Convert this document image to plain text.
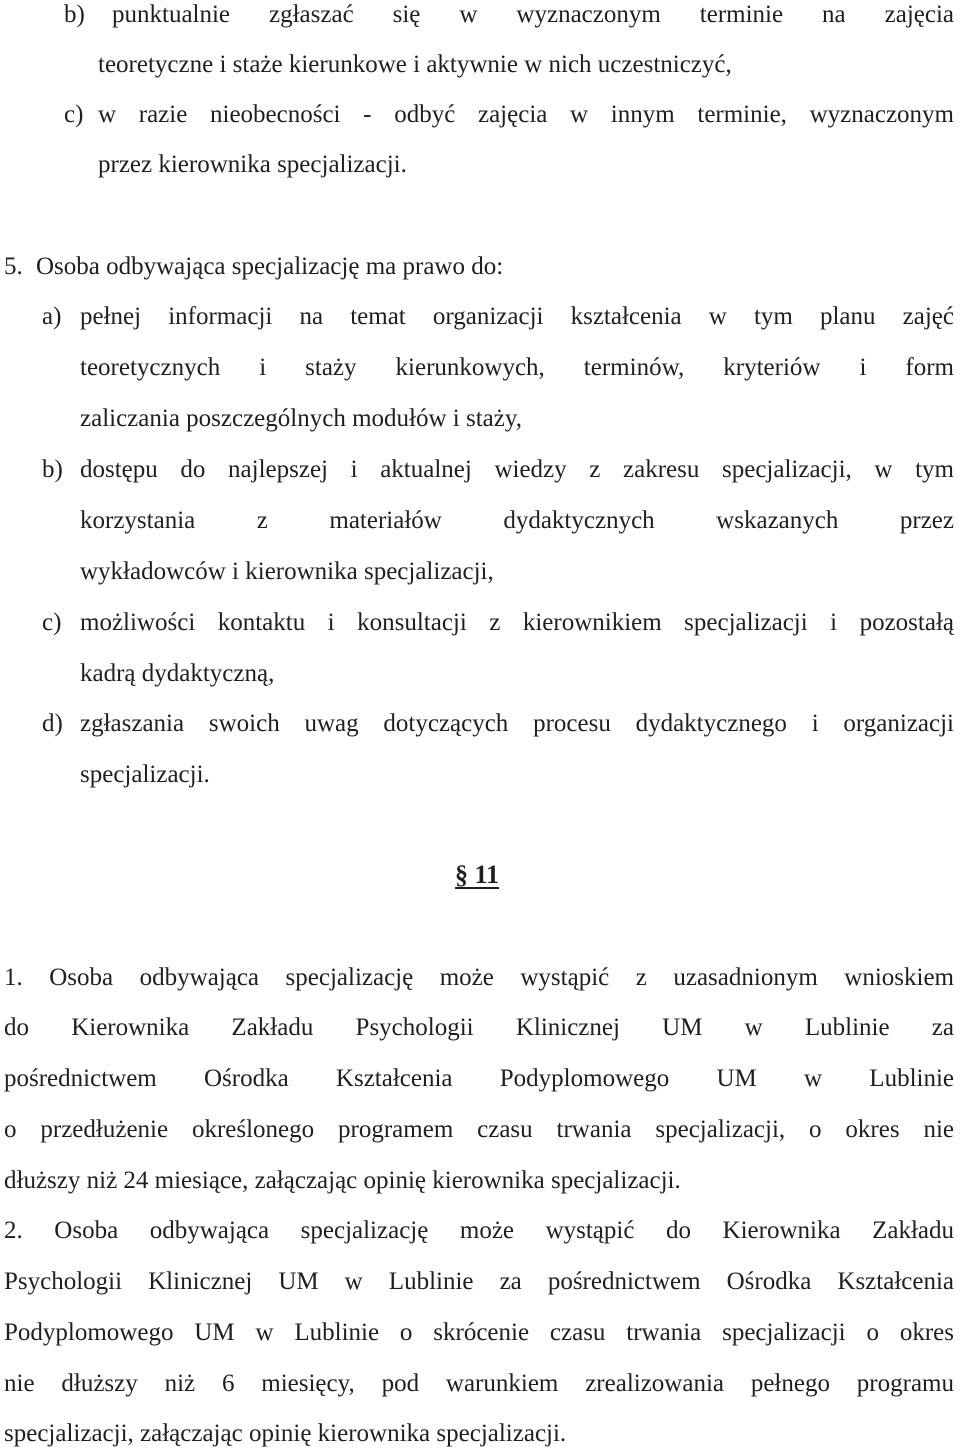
b) punktualnie zgłaszać się w wyznaczonym terminie na zajęcia
teoretyczne i staże kierunkowe i aktywnie w nich uczestniczyć,
c) w razie nieobecności - odbyć zajęcia w innym terminie, wyznaczonym
przez kierownika specjalizacji.
5. Osoba odbywająca specjalizację ma prawo do:
a) pełnej informacji na temat organizacji kształcenia w tym planu zajęć
teoretycznych i staży kierunkowych, terminów, kryteriów i form
zaliczania poszczególnych modułów i staży,
b) dostępu do najlepszej i aktualnej wiedzy z zakresu specjalizacji, w tym
korzystania z materiałów dydaktycznych wskazanych przez
wykładowców i kierownika specjalizacji,
c) możliwości kontaktu i konsultacji z kierownikiem specjalizacji i pozostałą
kadrą dydaktyczną,
d) zgłaszania swoich uwag dotyczących procesu dydaktycznego i organizacji
specjalizacji.
§ 11
1. Osoba odbywająca specjalizację może wystąpić z uzasadnionym wnioskiem
do Kierownika Zakładu Psychologii Klinicznej UM w Lublinie za
pośrednictwem Ośrodka Kształcenia Podyplomowego UM w Lublinie
o przedłużenie określonego programem czasu trwania specjalizacji, o okres nie
dłuższy niż 24 miesiące, załączając opinię kierownika specjalizacji.
2. Osoba odbywająca specjalizację może wystąpić do Kierownika Zakładu
Psychologii Klinicznej UM w Lublinie za pośrednictwem Ośrodka Kształcenia
Podyplomowego UM w Lublinie o skrócenie czasu trwania specjalizacji o okres
nie dłuższy niż 6 miesięcy, pod warunkiem zrealizowania pełnego programu
specjalizacji, załączając opinię kierownika specjalizacji.
